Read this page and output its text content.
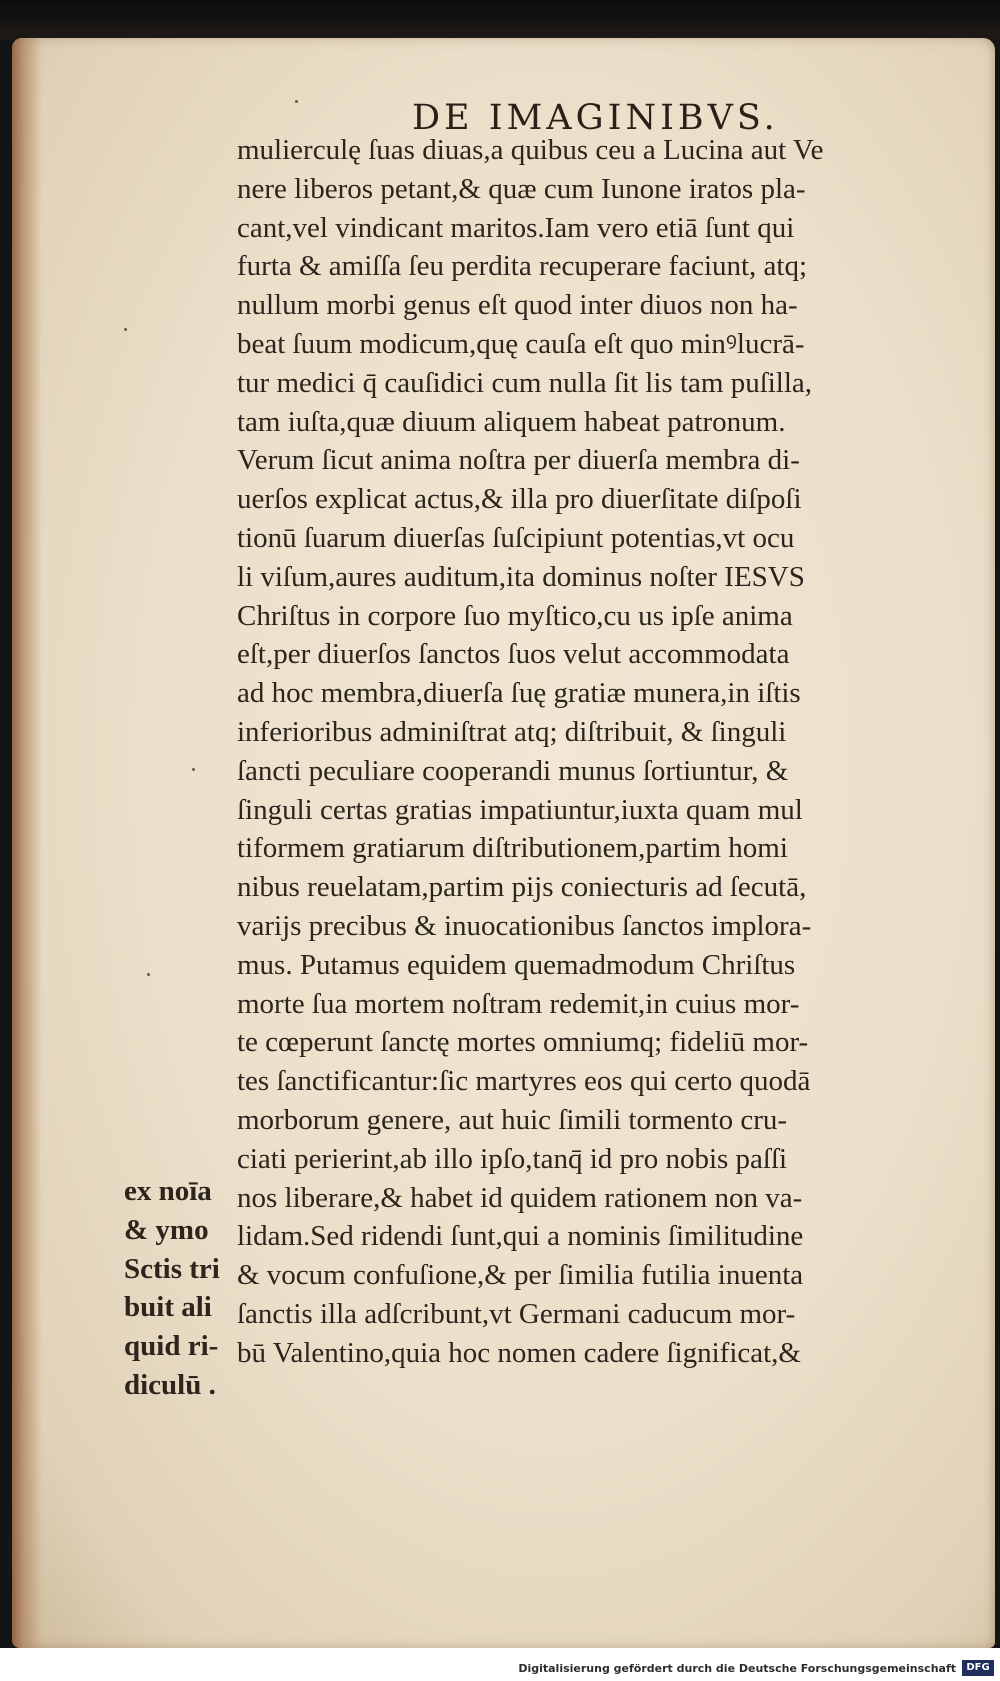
DE IMAGINIBVS.
mulierculę ſuas diuas,a quibus ceu a Lucina aut Ve
nere liberos petant,& quæ cum Iunone iratos pla-
cant,vel vindicant maritos.Iam vero etiā ſunt qui
furta & amiſſa ſeu perdita recuperare faciunt, atq;
nullum morbi genus eſt quod inter diuos non ha-
beat ſuum modicum,quę cauſa eſt quo minꝰlucrā-
tur medici q̄ cauſidici cum nulla ſit lis tam puſilla,
tam iuſta,quæ diuum aliquem habeat patronum.
Verum ſicut anima noſtra per diuerſa membra di-
uerſos explicat actus,& illa pro diuerſitate diſpoſi
tionū ſuarum diuerſas ſuſcipiunt potentias,vt ocu
li viſum,aures auditum,ita dominus noſter IESVS
Chriſtus in corpore ſuo myſtico,cu us ipſe anima
eſt,per diuerſos ſanctos ſuos velut accommodata
ad hoc membra,diuerſa ſuę gratiæ munera,in iſtis
inferioribus adminiſtrat atq; diſtribuit, & ſinguli
ſancti peculiare cooperandi munus ſortiuntur, &
ſinguli certas gratias impatiuntur,iuxta quam mul
tiformem gratiarum diſtributionem,partim homi
nibus reuelatam,partim pijs coniecturis ad ſecutā,
varijs precibus & inuocationibus ſanctos implora-
mus. Putamus equidem quemadmodum Chriſtus
morte ſua mortem noſtram redemit,in cuius mor-
te cœperunt ſanctę mortes omniumq; fideliū mor-
tes ſanctificantur:ſic martyres eos qui certo quodā
morborum genere, aut huic ſimili tormento cru-
ciati perierint,ab illo ipſo,tanq̄ id pro nobis paſſi
nos liberare,& habet id quidem rationem non va-
lidam.Sed ridendi ſunt,qui a nominis ſimilitudine
& vocum confuſione,& per ſimilia futilia inuenta
ſanctis illa adſcribunt,vt Germani caducum mor-
bū Valentino,quia hoc nomen cadere ſignificat,&
ex noīa
& ymo
Sctis tri
buit ali
quid ri-
diculū .
Digitalisierung gefördert durch die Deutsche Forschungsgemeinschaft	DFG
